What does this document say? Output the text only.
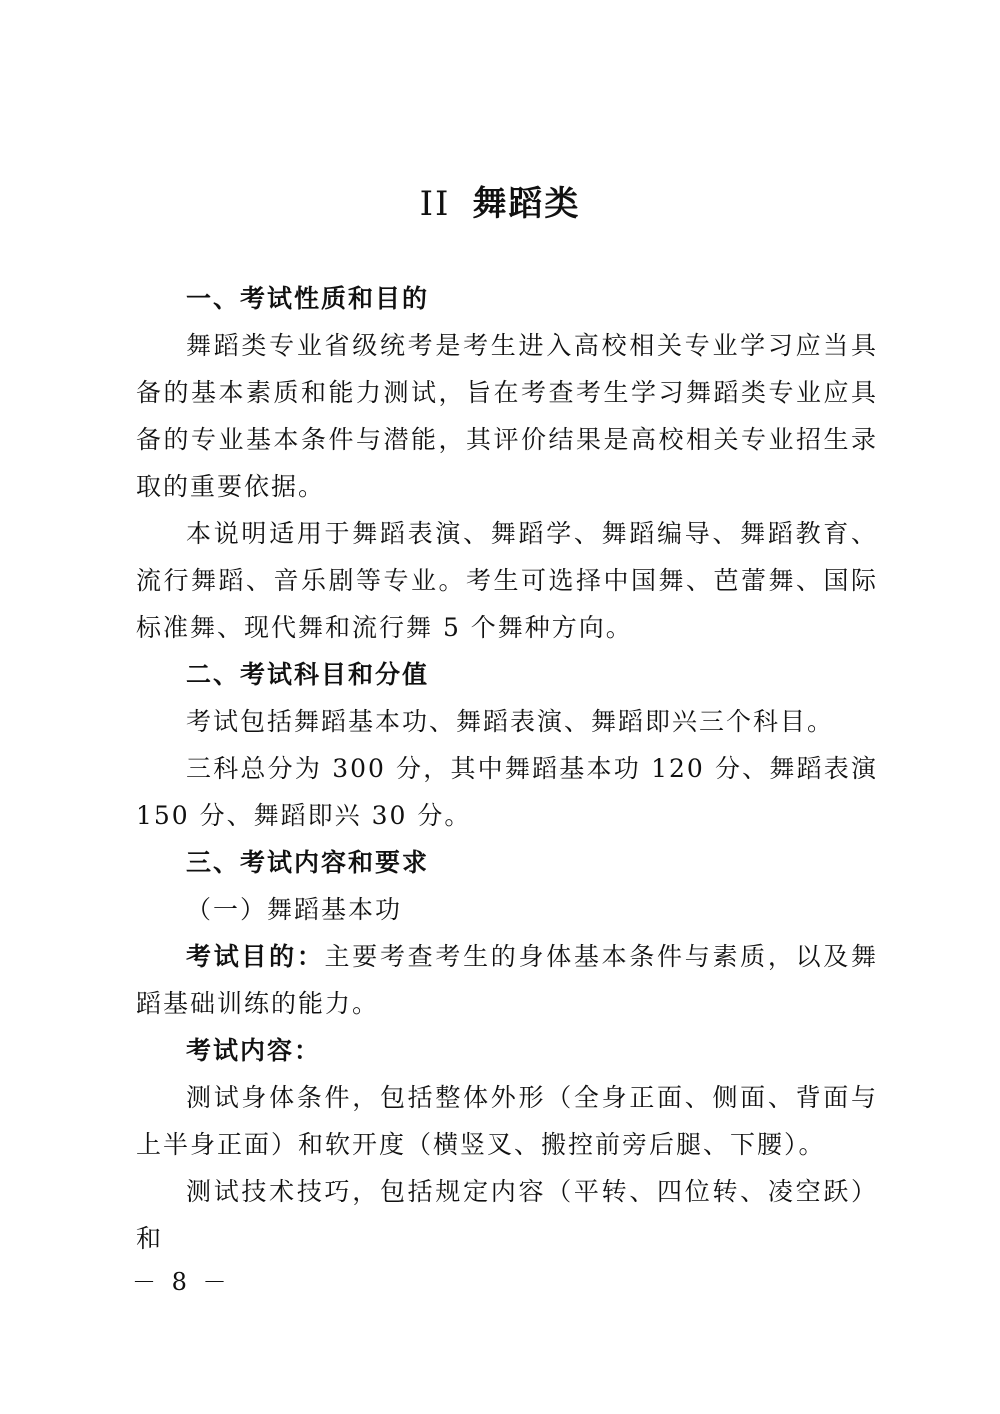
II 舞蹈类

一、考试性质和目的

舞蹈类专业省级统考是考生进入高校相关专业学习应当具备的基本素质和能力测试，旨在考查考生学习舞蹈类专业应具备的专业基本条件与潜能，其评价结果是高校相关专业招生录取的重要依据。

本说明适用于舞蹈表演、舞蹈学、舞蹈编导、舞蹈教育、流行舞蹈、音乐剧等专业。考生可选择中国舞、芭蕾舞、国际标准舞、现代舞和流行舞 5 个舞种方向。

二、考试科目和分值

考试包括舞蹈基本功、舞蹈表演、舞蹈即兴三个科目。

三科总分为 300 分，其中舞蹈基本功 120 分、舞蹈表演 150 分、舞蹈即兴 30 分。

三、考试内容和要求

（一）舞蹈基本功

考试目的：主要考查考生的身体基本条件与素质，以及舞蹈基础训练的能力。

考试内容：

测试身体条件，包括整体外形（全身正面、侧面、背面与上半身正面）和软开度（横竖叉、搬控前旁后腿、下腰）。

测试技术技巧，包括规定内容（平转、四位转、凌空跃）和

－ 8 －
